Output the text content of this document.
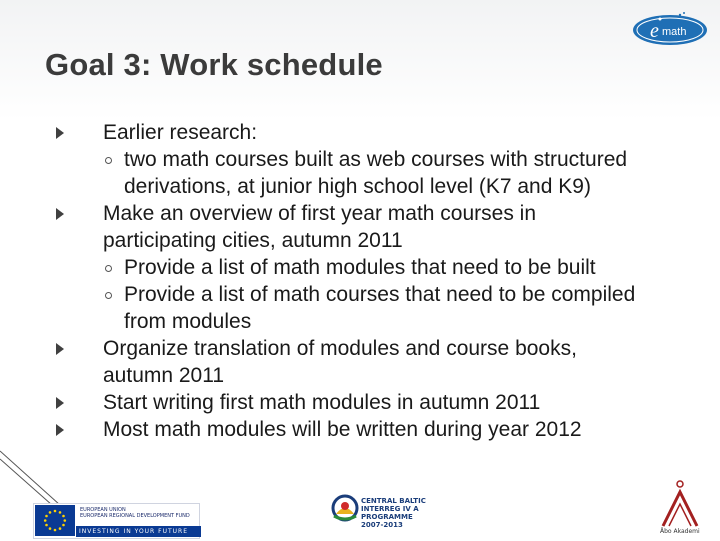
Goal 3: Work schedule
e math
Earlier research:
two math courses built as web courses with structured
derivations, at junior high school level (K7 and K9)
Make an overview of first year math courses in
participating cities, autumn 2011
Provide a list of math modules that need to be built
Provide a list of math courses that need to be compiled
from modules
Organize translation of modules and course books,
autumn 2011
Start writing first math modules in autumn 2011
Most math modules will be written during year 2012
EUROPEAN UNION
EUROPEAN REGIONAL DEVELOPMENT FUND
INVESTING IN YOUR FUTURE
CENTRAL BALTIC
INTERREG IV A
PROGRAMME
2007-2013
Åbo Akademi
